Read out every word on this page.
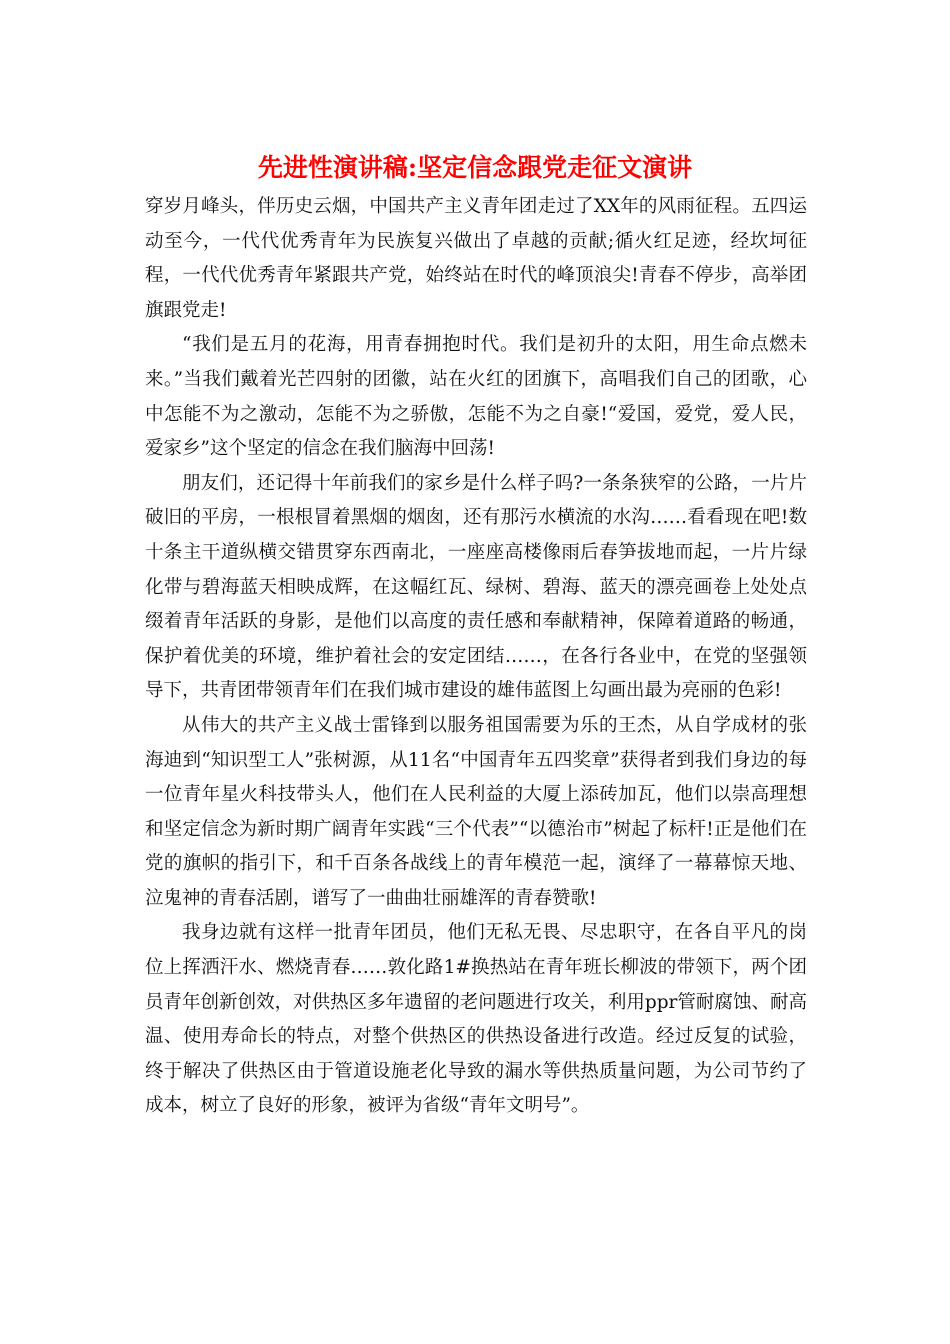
先进性演讲稿:坚定信念跟党走征文演讲

穿岁月峰头，伴历史云烟，中国共产主义青年团走过了XX年的风雨征程。五四运动至今，一代代优秀青年为民族复兴做出了卓越的贡献;循火红足迹，经坎坷征程，一代代优秀青年紧跟共产党，始终站在时代的峰顶浪尖!青春不停步，高举团旗跟党走!

“我们是五月的花海，用青春拥抱时代。我们是初升的太阳，用生命点燃未来。”当我们戴着光芒四射的团徽，站在火红的团旗下，高唱我们自己的团歌，心中怎能不为之激动，怎能不为之骄傲，怎能不为之自豪!“爱国，爱党，爱人民，爱家乡”这个坚定的信念在我们脑海中回荡!

朋友们，还记得十年前我们的家乡是什么样子吗?一条条狭窄的公路，一片片破旧的平房，一根根冒着黑烟的烟囱，还有那污水横流的水沟……看看现在吧!数十条主干道纵横交错贯穿东西南北，一座座高楼像雨后春笋拔地而起，一片片绿化带与碧海蓝天相映成辉，在这幅红瓦、绿树、碧海、蓝天的漂亮画卷上处处点缀着青年活跃的身影，是他们以高度的责任感和奉献精神，保障着道路的畅通，保护着优美的环境，维护着社会的安定团结……，在各行各业中，在党的坚强领导下，共青团带领青年们在我们城市建设的雄伟蓝图上勾画出最为亮丽的色彩!

从伟大的共产主义战士雷锋到以服务祖国需要为乐的王杰，从自学成材的张海迪到“知识型工人”张树源，从11名“中国青年五四奖章”获得者到我们身边的每一位青年星火科技带头人，他们在人民利益的大厦上添砖加瓦，他们以崇高理想和坚定信念为新时期广阔青年实践“三个代表”“以德治市”树起了标杆!正是他们在党的旗帜的指引下，和千百条各战线上的青年模范一起，演绎了一幕幕惊天地、泣鬼神的青春活剧，谱写了一曲曲壮丽雄浑的青春赞歌!

我身边就有这样一批青年团员，他们无私无畏、尽忠职守，在各自平凡的岗位上挥洒汗水、燃烧青春……敦化路1#换热站在青年班长柳波的带领下，两个团员青年创新创效，对供热区多年遗留的老问题进行攻关，利用ppr管耐腐蚀、耐高温、使用寿命长的特点，对整个供热区的供热设备进行改造。经过反复的试验，终于解决了供热区由于管道设施老化导致的漏水等供热质量问题，为公司节约了成本，树立了良好的形象，被评为省级“青年文明号”。
